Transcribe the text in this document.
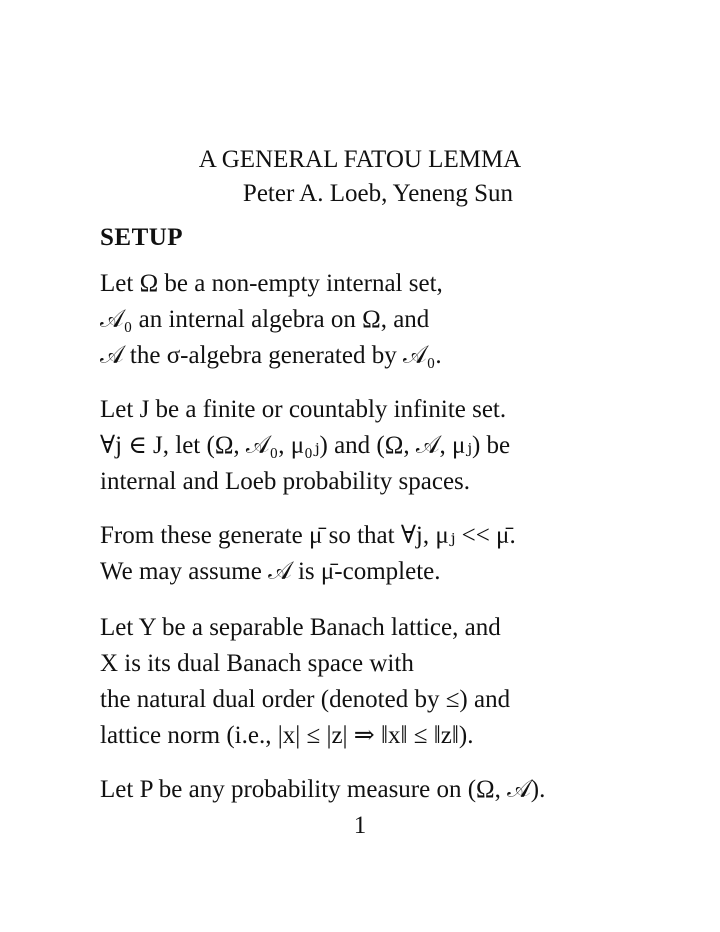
A GENERAL FATOU LEMMA
Peter A. Loeb, Yeneng Sun
SETUP
Let Ω be a non-empty internal set,
𝒜₀ an internal algebra on Ω, and
𝒜 the σ-algebra generated by 𝒜₀.
Let J be a finite or countably infinite set.
∀j ∈ J, let (Ω, 𝒜₀, μ₀ⱼ) and (Ω, 𝒜, μⱼ) be
internal and Loeb probability spaces.
From these generate μ̄ so that ∀j, μⱼ << μ̄.
We may assume 𝒜 is μ̄-complete.
Let Y be a separable Banach lattice, and
X is its dual Banach space with
the natural dual order (denoted by ≤) and
lattice norm (i.e., |x| ≤ |z| ⇒ ‖x‖ ≤ ‖z‖).
Let P be any probability measure on (Ω, 𝒜).
1
